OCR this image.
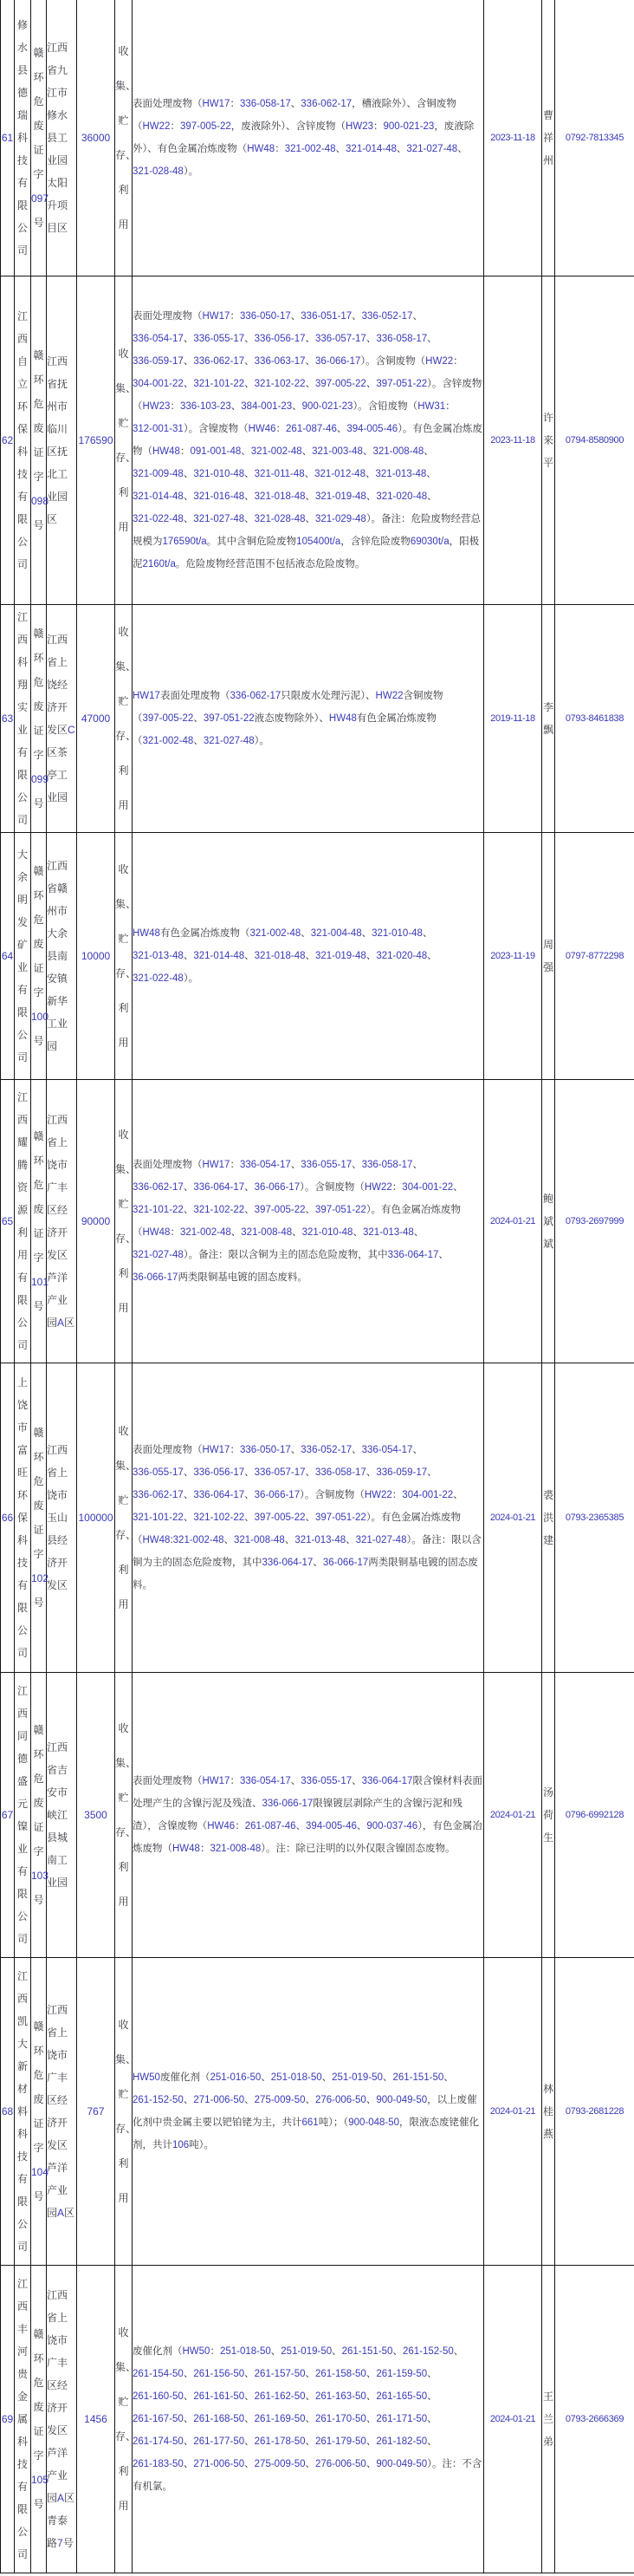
61	修水县德瑞科技有限公司	赣环危废证字097号	江西省九江市修水县工业园太阳升项目区	36000	收集、贮存、利用	表面处理废物（HW17：336-058-17、336-062-17，槽液除外）、含铜废物（HW22：397-005-22，废液除外）、含锌废物（HW23：900-021-23，废液除外）、有色金属冶炼废物（HW48：321-002-48、321-014-48、321-027-48、321-028-48）。	2023-11-18	曹祥州	0792-7813345
62	江西自立环保科技有限公司	赣环危废证字098号	江西省抚州市临川区抚北工业园区	176590	收集、贮存、利用	表面处理废物（HW17：336-050-17、336-051-17、336-052-17、336-054-17、336-055-17、336-056-17、336-057-17、336-058-17、336-059-17、336-062-17、336-063-17、36-066-17）。含铜废物（HW22：304-001-22、321-101-22、321-102-22、397-005-22、397-051-22）。含锌废物（HW23：336-103-23、384-001-23、900-021-23）。含铅废物（HW31：312-001-31）。含镍废物（HW46：261-087-46、394-005-46）。有色金属冶炼废物（HW48：091-001-48、321-002-48、321-003-48、321-008-48、321-009-48、321-010-48、321-011-48、321-012-48、321-013-48、321-014-48、321-016-48、321-018-48、321-019-48、321-020-48、321-022-48、321-027-48、321-028-48、321-029-48）。备注：危险废物经营总规模为176590t/a。其中含铜危险废物105400t/a，含锌危险废物69030t/a，阳极泥2160t/a。危险废物经营范围不包括液态危险废物。	2023-11-18	许来平	0794-8580900
63	江西科翔实业有限公司	赣环危废证字099号	江西省上饶经济开发区C区茶亭工业园	47000	收集、贮存、利用	HW17表面处理废物（336-062-17只限废水处理污泥）、HW22含铜废物（397-005-22、397-051-22液态废物除外）、HW48有色金属冶炼废物（321-002-48、321-027-48）。	2019-11-18	李飘	0793-8461838
64	大余明发矿业有限公司	赣环危废证字100号	江西省赣州市大余县南安镇新华工业园	10000	收集、贮存、利用	HW48有色金属冶炼废物（321-002-48、321-004-48、321-010-48、321-013-48、321-014-48、321-018-48、321-019-48、321-020-48、321-022-48）。	2023-11-19	周强	0797-8772298
65	江西耀腾资源利用有限公司	赣环危废证字101号	江西省上饶市广丰区经济开发区芦洋产业园A区	90000	收集、贮存、利用	表面处理废物（HW17：336-054-17、336-055-17、336-058-17、336-062-17、336-064-17、36-066-17）。含铜废物（HW22：304-001-22、321-101-22、321-102-22、397-005-22、397-051-22）。有色金属冶炼废物（HW48：321-002-48、321-008-48、321-010-48、321-013-48、321-027-48）。备注：限以含铜为主的固态危险废物，其中336-064-17、36-066-17两类限铜基电镀的固态废料。	2024-01-21	鲍斌斌	0793-2697999
66	上饶市富旺环保科技有限公司	赣环危废证字102号	江西省上饶市玉山县经济开发区	100000	收集、贮存、利用	表面处理废物（HW17：336-050-17、336-052-17、336-054-17、336-055-17、336-056-17、336-057-17、336-058-17、336-059-17、336-062-17、336-064-17、36-066-17）。含铜废物（HW22：304-001-22、321-101-22、321-102-22、397-005-22、397-051-22）。有色金属冶炼废物（HW48:321-002-48、321-008-48、321-013-48、321-027-48）。备注：限以含铜为主的固态危险废物，其中336-064-17、36-066-17两类限铜基电镀的固态废料。	2024-01-21	裘洪建	0793-2365385
67	江西同德盛元镍业有限公司	赣环危废证字103号	江西省吉安市峡江县城南工业园	3500	收集、贮存、利用	表面处理废物（HW17：336-054-17、336-055-17、336-064-17限含镍材料表面处理产生的含镍污泥及残渣、336-066-17限镍镀层剥除产生的含镍污泥和残渣），含镍废物（HW46：261-087-46、394-005-46、900-037-46），有色金属冶炼废物（HW48：321-008-48）。注：除已注明的以外仅限含镍固态废物。	2024-01-21	汤荷生	0796-6992128
68	江西凯大新材料科技有限公司	赣环危废证字104号	江西省上饶市广丰区经济开发区芦洋产业园A区	767	收集、贮存、利用	HW50废催化剂（251-016-50、251-018-50、251-019-50、261-151-50、261-152-50、271-006-50、275-009-50、276-006-50、900-049-50，以上废催化剂中贵金属主要以钯铂铑为主，共计661吨）；（900-048-50，限液态废铑催化剂，共计106吨）。	2024-01-21	林桂燕	0793-2681228
69	江西丰河贵金属科技有限公司	赣环危废证字105号	江西省上饶市广丰区经济开发区芦洋产业园A区青泰路7号	1456	收集、贮存、利用	废催化剂（HW50：251-018-50、251-019-50、261-151-50、261-152-50、261-154-50、261-156-50、261-157-50、261-158-50、261-159-50、261-160-50、261-161-50、261-162-50、261-163-50、261-165-50、261-167-50、261-168-50、261-169-50、261-170-50、261-171-50、261-174-50、261-177-50、261-178-50、261-179-50、261-182-50、261-183-50、271-006-50、275-009-50、276-006-50、900-049-50）。注：不含有机氯。	2024-01-21	王兰弟	0793-2666369
